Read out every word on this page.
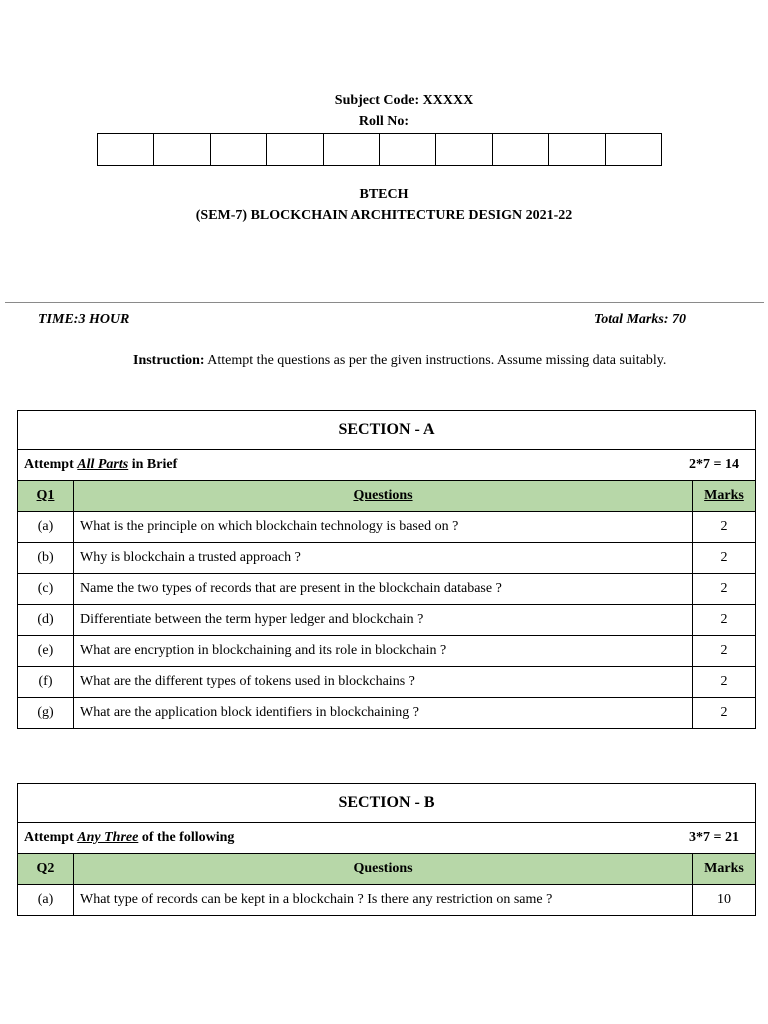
Subject Code: XXXXX
Roll No:
BTECH
(SEM-7) BLOCKCHAIN ARCHITECTURE DESIGN 2021-22
TIME:3 HOUR	Total Marks: 70
Instruction: Attempt the questions as per the given instructions. Assume missing data suitably.
SECTION - A		

Attempt All Parts in Brief 2*7 = 14		

Q1	Questions	Marks
(a)	What is the principle on which blockchain technology is based on ?	2
(b)	Why is blockchain a trusted approach ?	2
(c)	Name the two types of records that are present in the blockchain database ?	2
(d)	Differentiate between the term hyper ledger and blockchain ?	2
(e)	What are encryption in blockchaining and its role in blockchain ?	2
(f)	What are the different types of tokens used in blockchains ?	2
(g)	What are the application block identifiers in blockchaining ?	2
SECTION - B		

Attempt Any Three of the following 3*7 = 21		

Q2	Questions	Marks
(a)	What type of records can be kept in a blockchain ? Is there any restriction on same ?	10
